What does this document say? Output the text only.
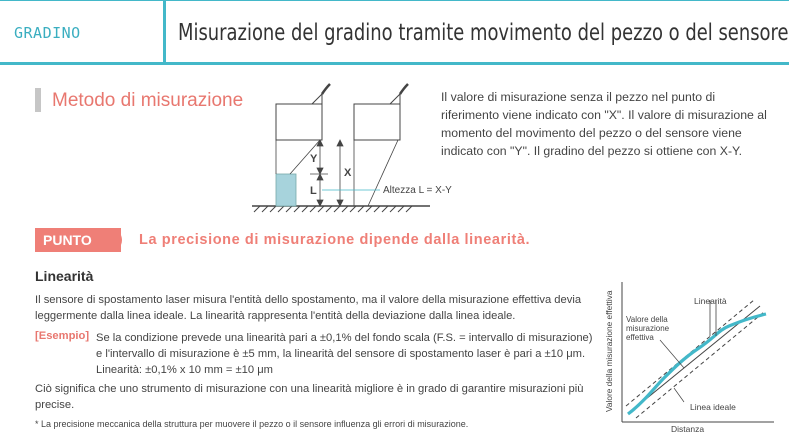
GRADINO	Misurazione del gradino tramite movimento del pezzo o del sensore
Metodo di misurazione	Il valore di misurazione senza il pezzo nel punto di riferimento viene indicato con "X". Il valore di misurazione al momento del movimento del pezzo o del sensore viene indicato con "Y". Il gradino del pezzo si ottiene con X-Y.
Y
X
L	Altezza L = X-Y
PUNTO	La precisione di misurazione dipende dalla linearità.
Linearità
Il sensore di spostamento laser misura l'entità dello spostamento, ma il valore della misurazione effettiva devia leggermente dalla linea ideale. La linearità rappresenta l'entità della deviazione dalla linea ideale.
[Esempio] Se la condizione prevede una linearità pari a ±0,1% del fondo scala (F.S. = intervallo di misurazione) e l'intervallo di misurazione è ±5 mm, la linearità del sensore di spostamento laser è pari a ±10 μm.
Linearità: ±0,1% x 10 mm = ±10 μm
Ciò significa che uno strumento di misurazione con una linearità migliore è in grado di garantire misurazioni più precise.
* La precisione meccanica della struttura per muovere il pezzo o il sensore influenza gli errori di misurazione.
Valore della misurazione effettiva
Distanza
Linearità
Valore della
misurazione
effettiva
Linea ideale
